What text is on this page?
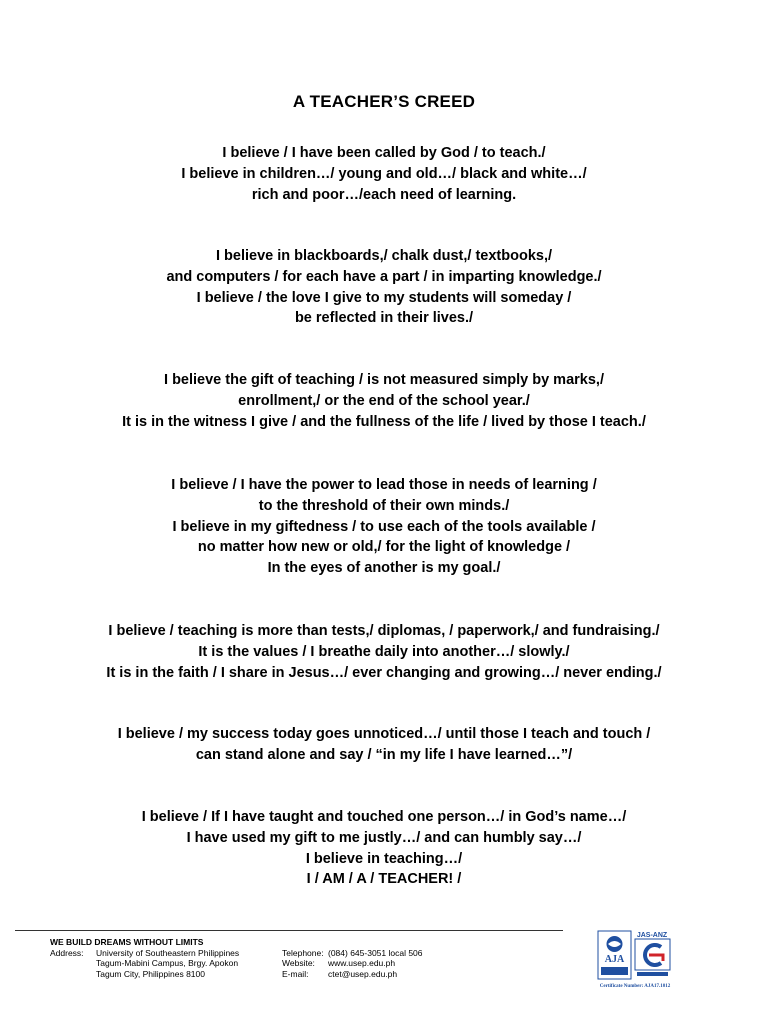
A TEACHER’S CREED
I believe / I have been called by God / to teach./
I believe in children…/ young and old…/ black and white…/
rich and poor…/each need of learning.
I believe in blackboards,/ chalk dust,/ textbooks,/
and computers / for each have a part / in imparting knowledge./
I believe / the love I give to my students will someday /
be reflected in their lives./
I believe the gift of teaching / is not measured simply by marks,/
enrollment,/ or the end of the school year./
It is in the witness I give / and the fullness of the life / lived by those I teach./
I believe / I have the power to lead those in needs of learning /
to the threshold of their own minds./
I believe in my giftedness / to use each of the tools available /
no matter how new or old,/ for the light of knowledge /
In the eyes of another is my goal./
I believe / teaching is more than tests,/ diplomas, / paperwork,/ and fundraising./
It is the values / I breathe daily into another…/ slowly./
It is in the faith / I share in Jesus…/ ever changing and growing…/ never ending./
I believe / my success today goes unnoticed…/ until those I teach and touch /
can stand alone and say / “in my life I have learned…”/
I believe / If I have taught and touched one person…/ in God’s name…/
I have used my gift to me justly…/ and can humbly say…/
I believe in teaching…/
I / AM / A / TEACHER! /
WE BUILD DREAMS WITHOUT LIMITS
Address:	University of Southeastern Philippines	Telephone: (084) 645-3051 local 506
Tagum-Mabini Campus, Brgy. Apokon	Website:	www.usep.edu.ph
Tagum City, Philippines 8100	E-mail:	ctet@usep.edu.ph
AJA
JAS-ANZ
Certificate Number: AJA17.1012
